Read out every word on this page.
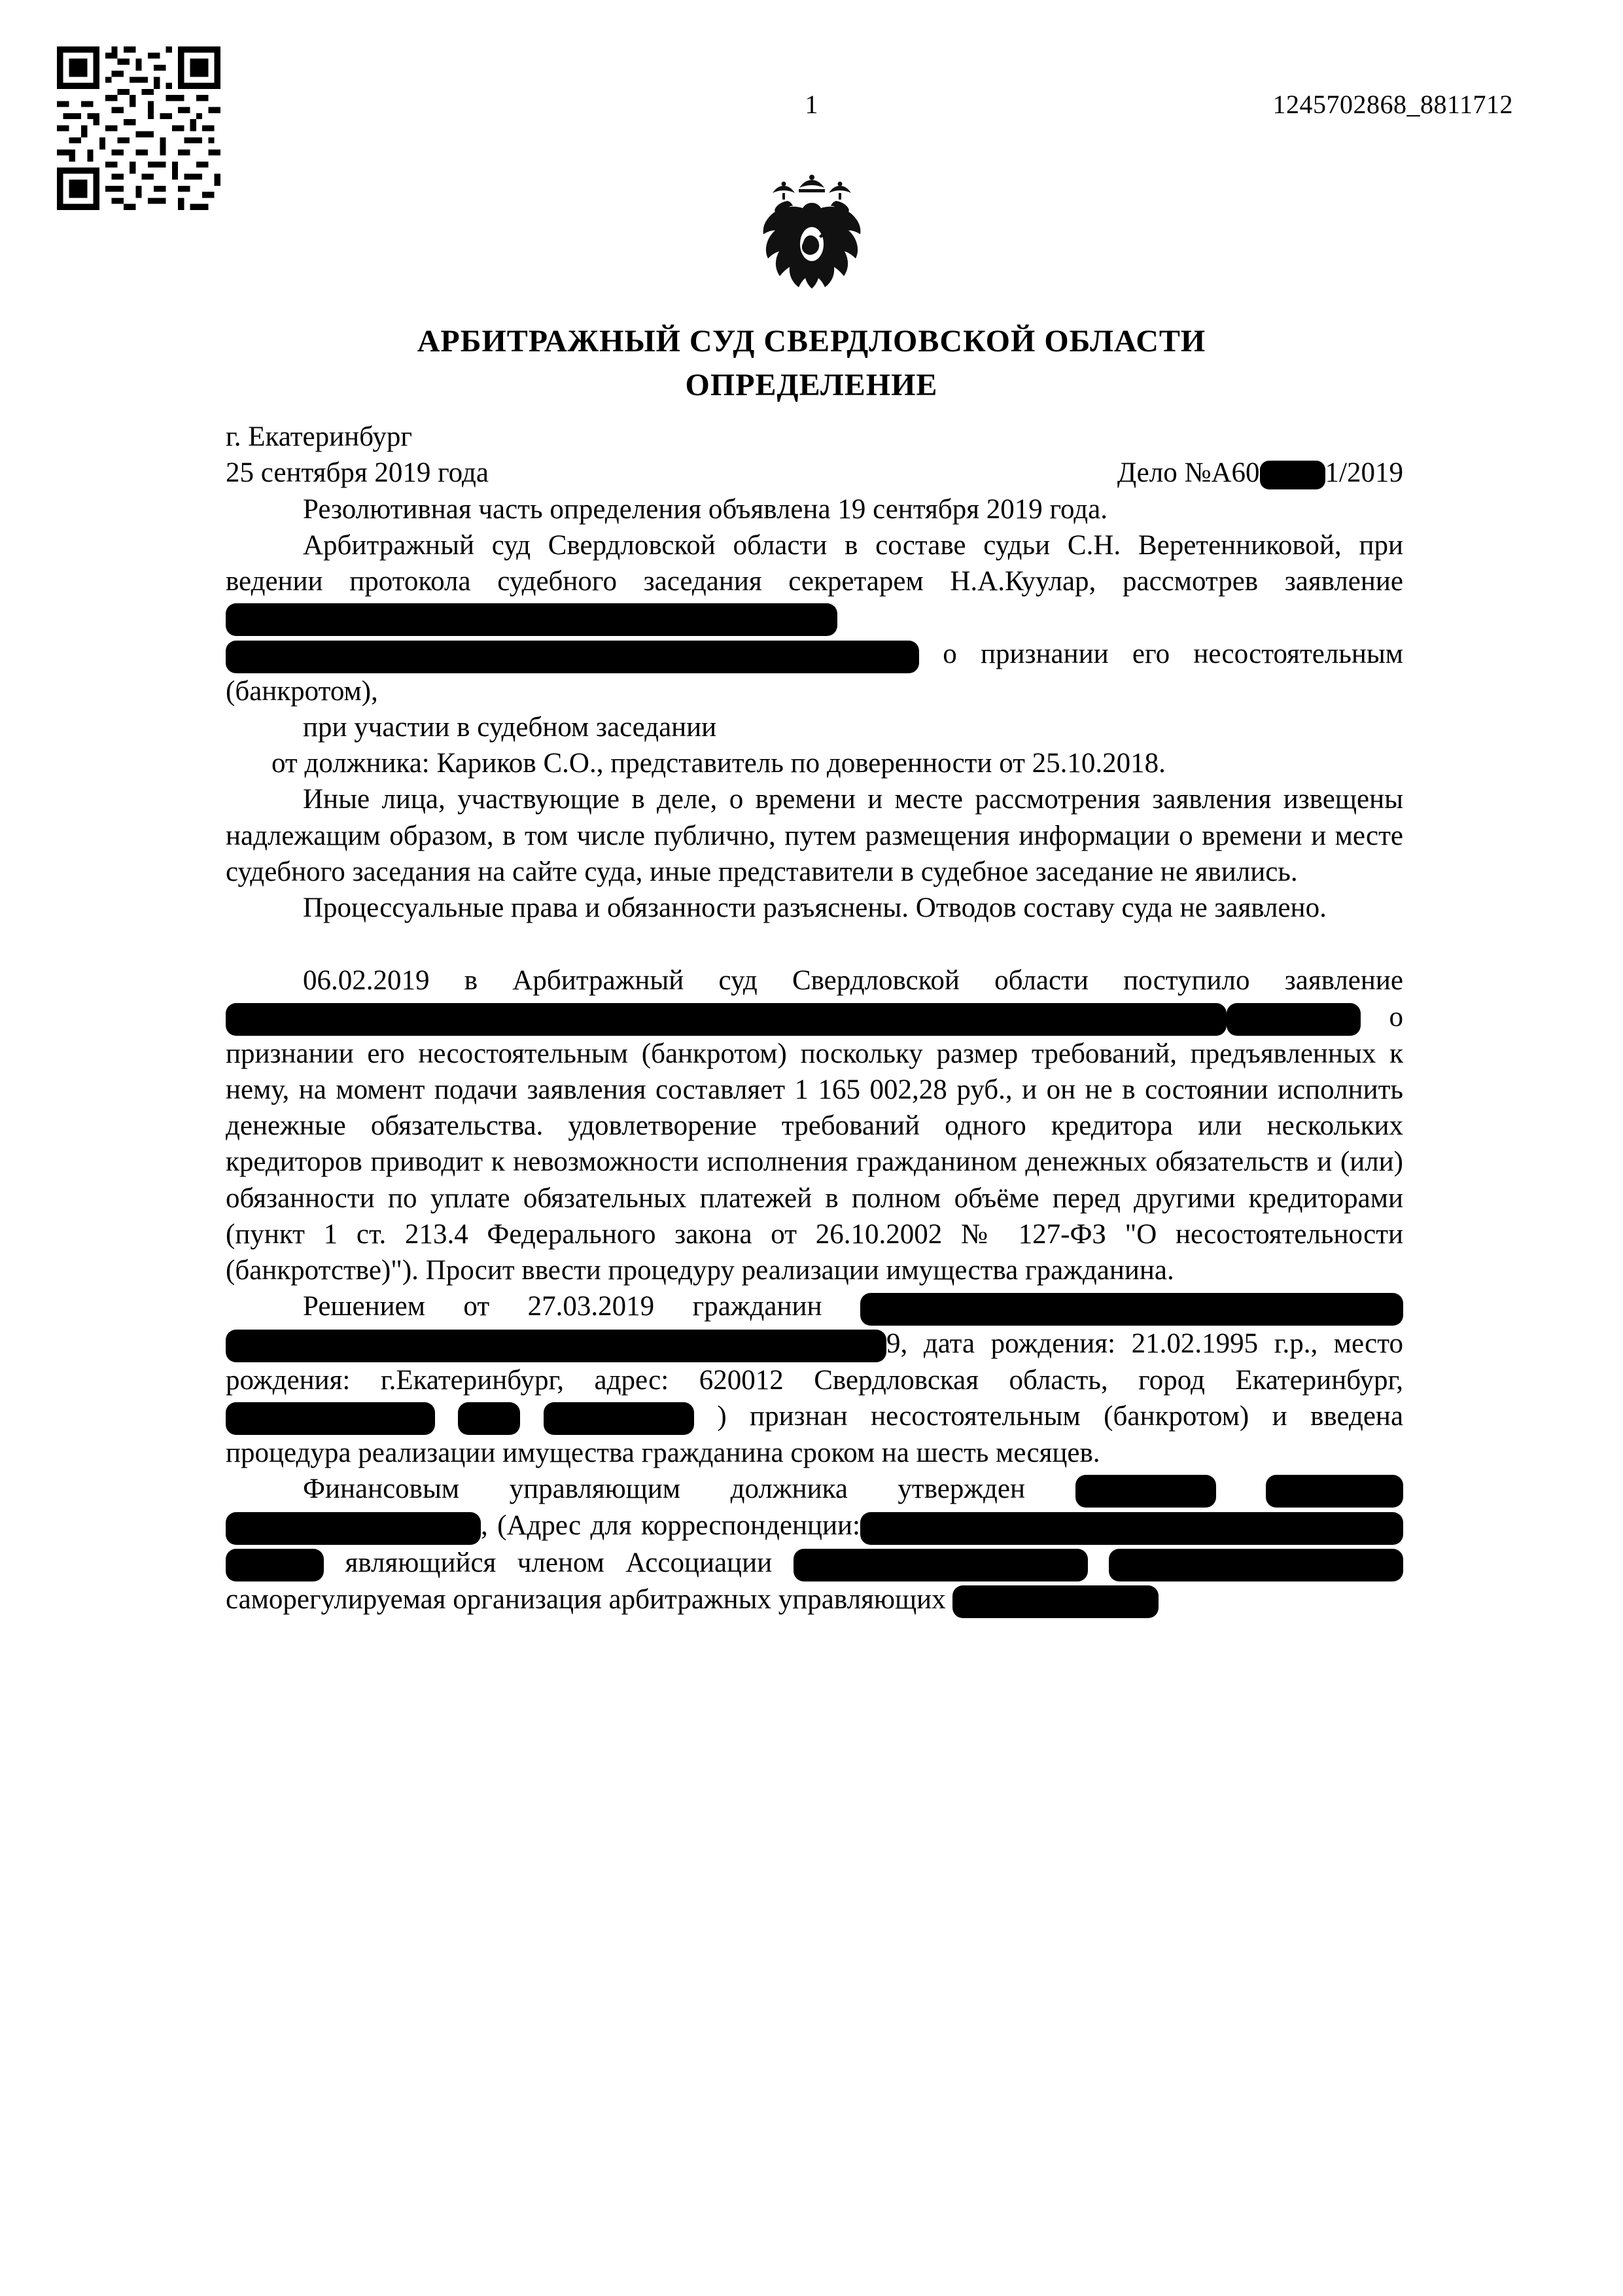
1	1245702868_8811712
АРБИТРАЖНЫЙ СУД СВЕРДЛОВСКОЙ ОБЛАСТИ
ОПРЕДЕЛЕНИЕ

г. Екатеринбург

25 сентября 2019 года	Дело №А60 1/2019

Резолютивная часть определения объявлена 19 сентября 2019 года.

Арбитражный суд Свердловской области в составе судьи С.Н. Веретенниковой, при ведении протокола судебного заседания секретарем Н.А.Куулар, рассмотрев заявление  о признании его несостоятельным (банкротом),

при участии в судебном заседании

от должника: Кариков С.О., представитель по доверенности от 25.10.2018.

Иные лица, участвующие в деле, о времени и месте рассмотрения заявления извещены надлежащим образом, в том числе публично, путем размещения информации о времени и месте судебного заседания на сайте суда, иные представители в судебное заседание не явились.

Процессуальные права и обязанности разъяснены. Отводов составу суда не заявлено.

06.02.2019 в Арбитражный суд Свердловской области поступило заявление  о признании его несостоятельным (банкротом) поскольку размер требований, предъявленных к нему, на момент подачи заявления составляет 1 165 002,28 руб., и он не в состоянии исполнить денежные обязательства. удовлетворение требований одного кредитора или нескольких кредиторов приводит к невозможности исполнения гражданином денежных обязательств и (или) обязанности по уплате обязательных платежей в полном объёме перед другими кредиторами (пункт 1 ст. 213.4 Федерального закона от 26.10.2002 № 127-ФЗ "О несостоятельности (банкротстве)"). Просит ввести процедуру реализации имущества гражданина.

Решением от 27.03.2019 гражданин 9, дата рождения: 21.02.1995 г.р., место рождения: г.Екатеринбург, адрес: 620012 Свердловская область, город Екатеринбург,    ) признан несостоятельным (банкротом) и введена процедура реализации имущества гражданина сроком на шесть месяцев.

Финансовым управляющим должника утвержден  , (Адрес для корреспонденции: являющийся членом Ассоциации   саморегулируемая организация арбитражных управляющих
